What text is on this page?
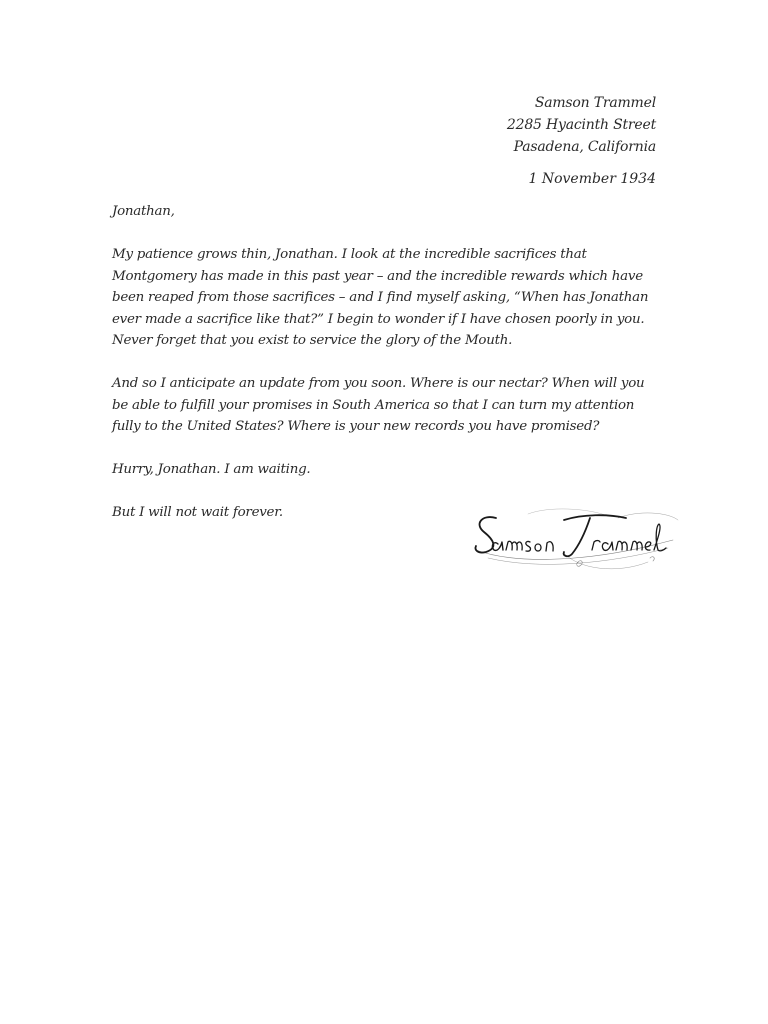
Samson Trammel
2285 Hyacinth Street
Pasadena, California
1 November 1934

Jonathan,

My patience grows thin, Jonathan. I look at the incredible sacrifices that Montgomery has made in this past year – and the incredible rewards which have been reaped from those sacrifices – and I find myself asking, “When has Jonathan ever made a sacrifice like that?” I begin to wonder if I have chosen poorly in you. Never forget that you exist to service the glory of the Mouth.

And so I anticipate an update from you soon. Where is our nectar? When will you be able to fulfill your promises in South America so that I can turn my attention fully to the United States? Where is your new records you have promised?

Hurry, Jonathan. I am waiting.

But I will not wait forever.
